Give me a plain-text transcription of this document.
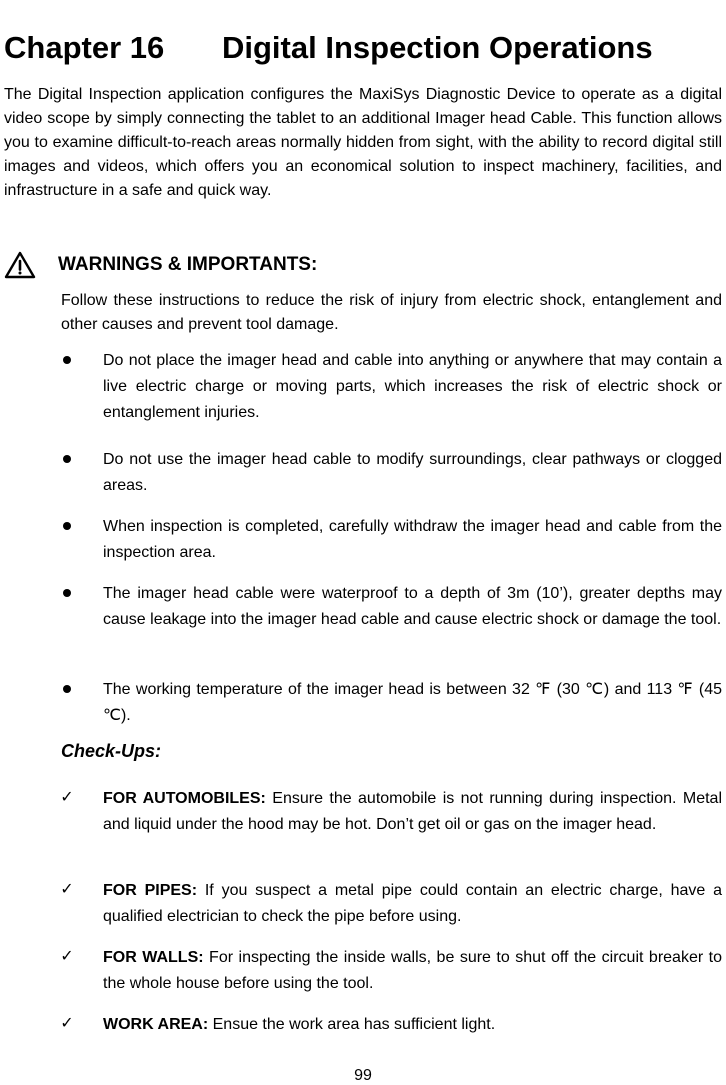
Chapter 16 Digital Inspection Operations

The Digital Inspection application configures the MaxiSys Diagnostic Device to operate as a digital video scope by simply connecting the tablet to an additional Imager head Cable. This function allows you to examine difficult-to-reach areas normally hidden from sight, with the ability to record digital still images and videos, which offers you an economical solution to inspect machinery, facilities, and infrastructure in a safe and quick way.

WARNINGS & IMPORTANTS:

Follow these instructions to reduce the risk of injury from electric shock, entanglement and other causes and prevent tool damage.

Do not place the imager head and cable into anything or anywhere that may contain a live electric charge or moving parts, which increases the risk of electric shock or entanglement injuries.

Do not use the imager head cable to modify surroundings, clear pathways or clogged areas.

When inspection is completed, carefully withdraw the imager head and cable from the inspection area.

The imager head cable were waterproof to a depth of 3m (10’), greater depths may cause leakage into the imager head cable and cause electric shock or damage the tool.

The working temperature of the imager head is between 32 ℉ (30 ℃) and 113 ℉ (45 ℃).

Check-Ups:
✓ FOR AUTOMOBILES: Ensure the automobile is not running during inspection. Metal and liquid under the hood may be hot. Don’t get oil or gas on the imager head.

✓ FOR PIPES: If you suspect a metal pipe could contain an electric charge, have a qualified electrician to check the pipe before using.

✓ FOR WALLS: For inspecting the inside walls, be sure to shut off the circuit breaker to the whole house before using the tool.

✓ WORK AREA: Ensue the work area has sufficient light.

99
